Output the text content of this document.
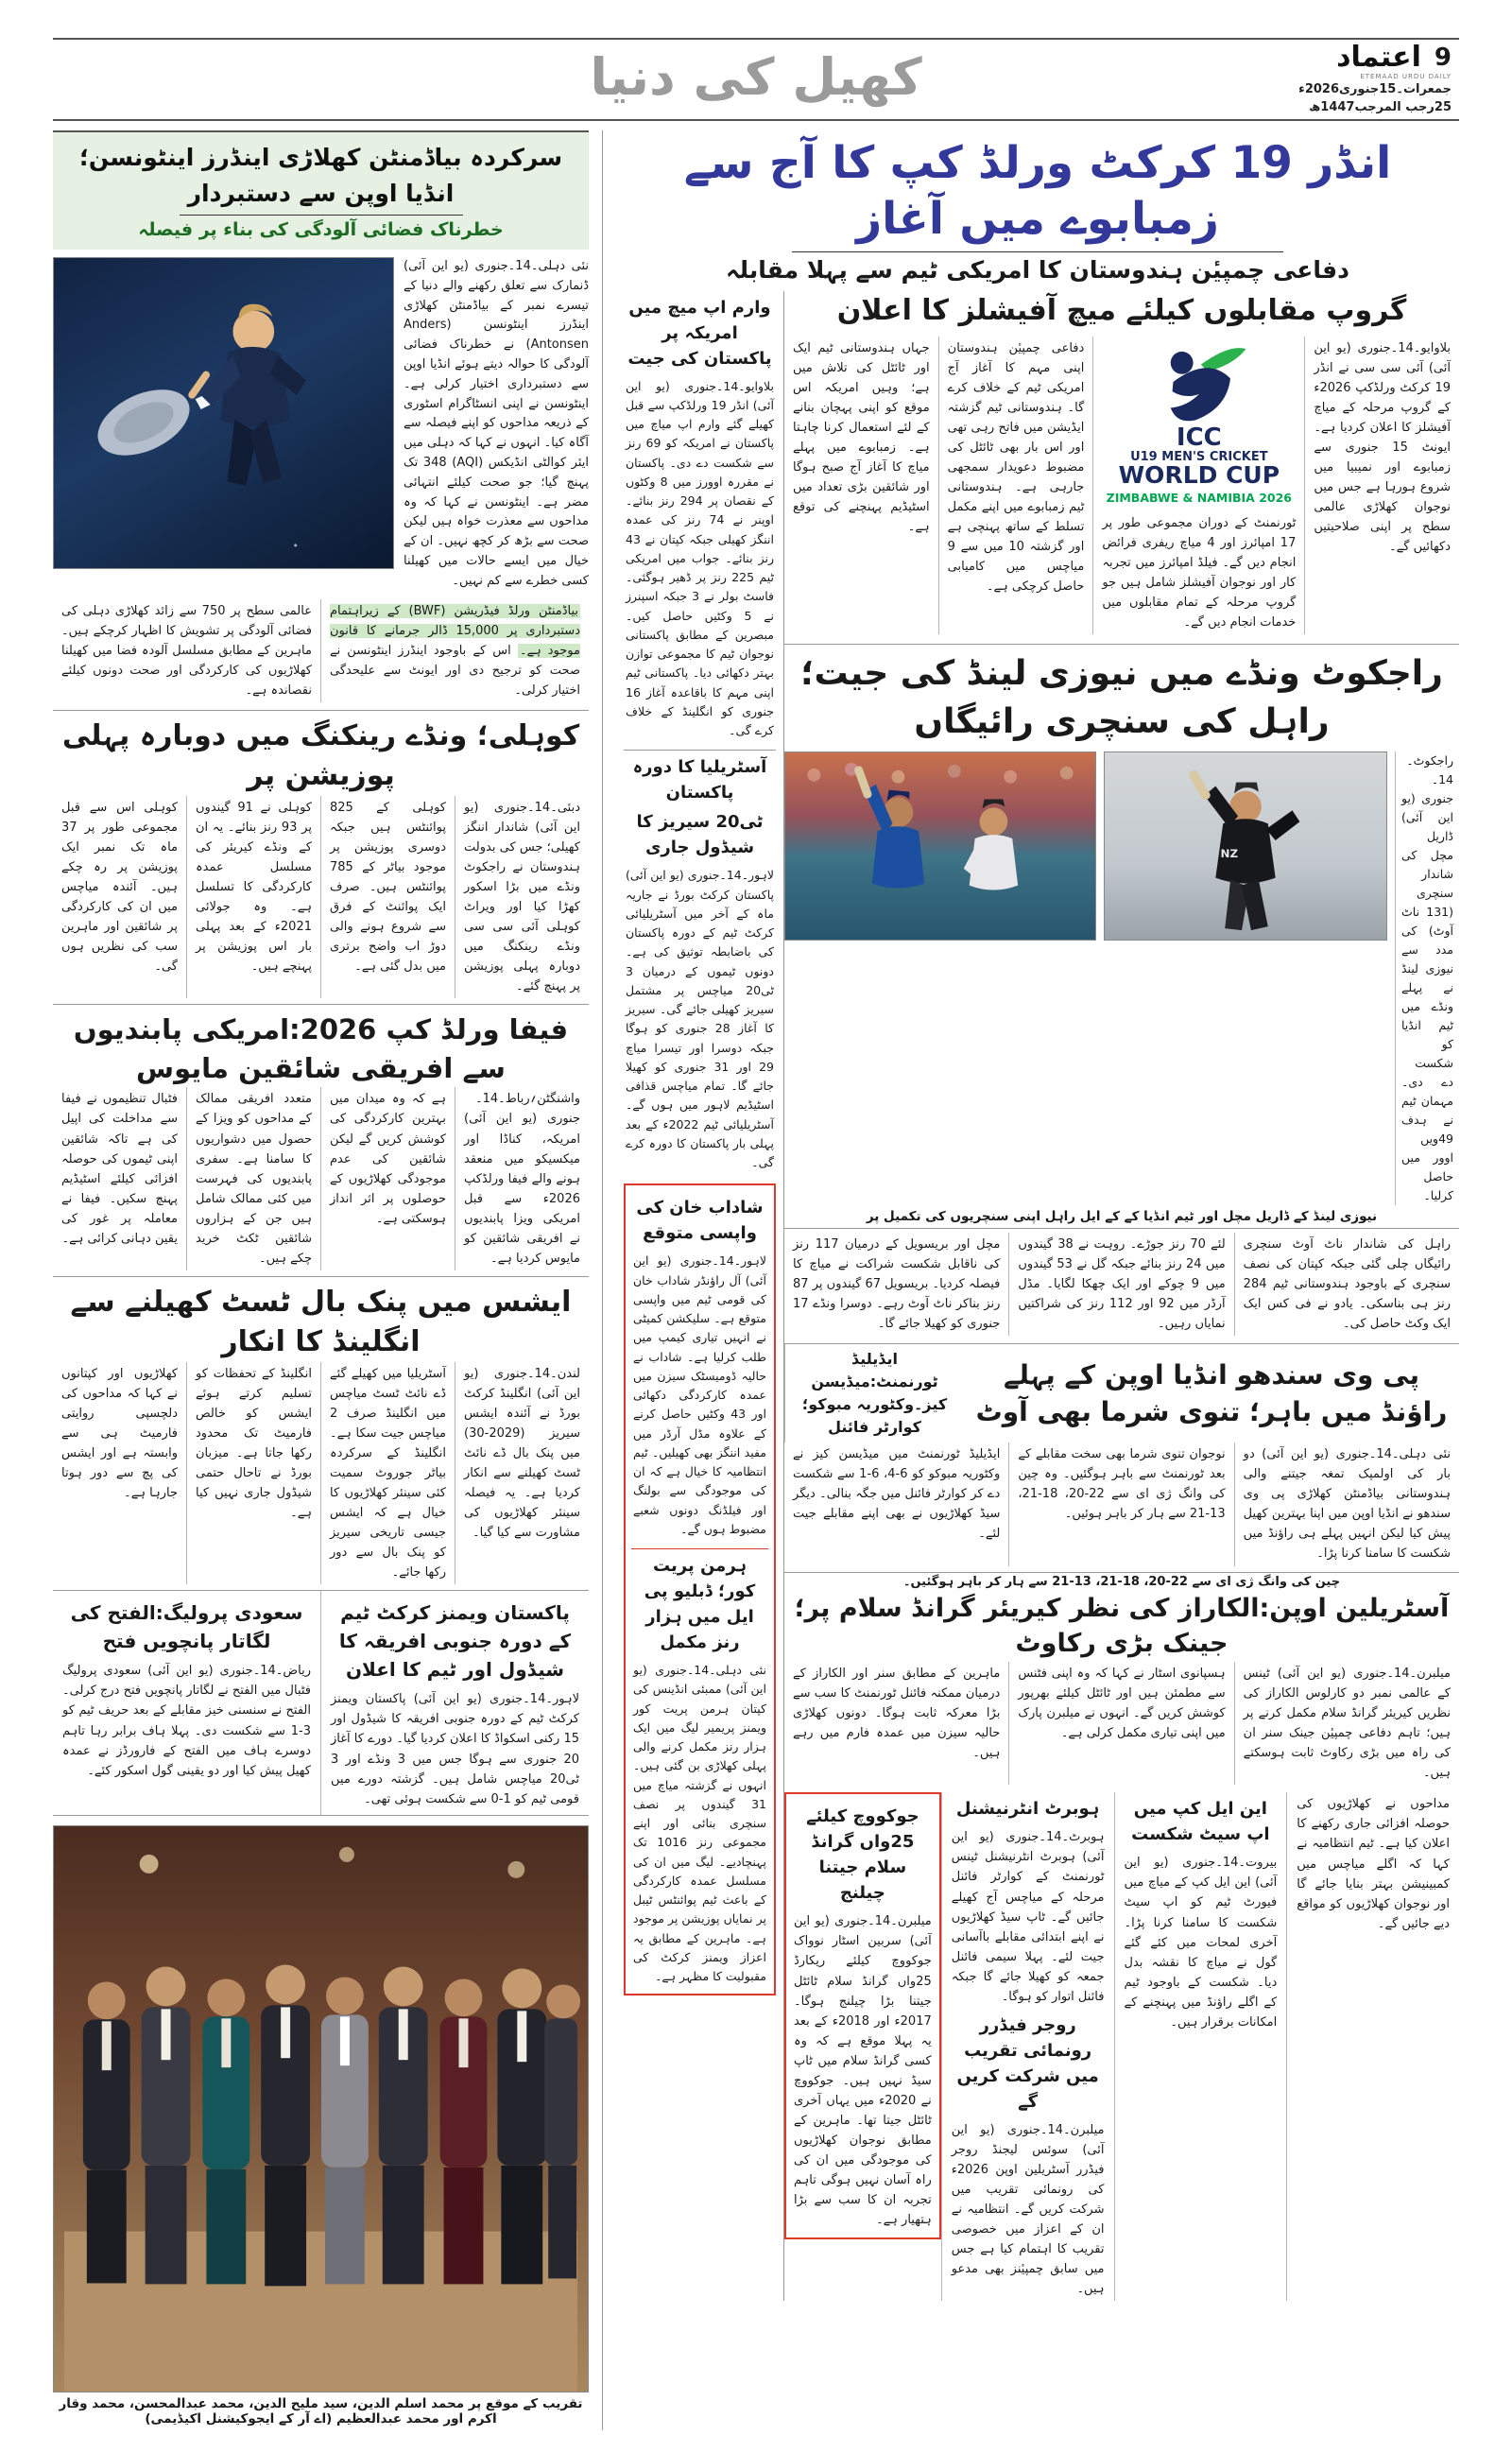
9
اعتماد
ETEMAAD URDU DAILY
جمعرات۔15جنوری2026ء
25رجب المرجب1447ھ
کھیل کی دنیا
سرکردہ بیاڈمنٹن کھلاڑی اینڈرز اینٹونسن؛ انڈیا اوپن سے دستبردار
خطرناک فضائی آلودگی کی بناء پر فیصلہ
نئی دہلی۔14۔جنوری (یو این آئی) ڈنمارک سے تعلق رکھنے والے دنیا کے تیسرے نمبر کے بیاڈمنٹن کھلاڑی اینڈرز اینٹونسن (Anders Antonsen) نے خطرناک فضائی آلودگی کا حوالہ دیتے ہوئے انڈیا اوپن سے دستبرداری اختیار کرلی ہے۔ اینٹونسن نے اپنی انسٹاگرام اسٹوری کے ذریعہ مداحوں کو اپنے فیصلہ سے آگاہ کیا۔ انہوں نے کہا کہ دہلی میں ایئر کوالٹی انڈیکس (AQI) 348 تک پہنچ گیا؛ جو صحت کیلئے انتہائی مضر ہے۔ اینٹونسن نے کہا کہ وہ مداحوں سے معذرت خواہ ہیں لیکن صحت سے بڑھ کر کچھ نہیں۔ ان کے خیال میں ایسے حالات میں کھیلنا کسی خطرے سے کم نہیں۔
•
بیاڈمنٹن ورلڈ فیڈریشن (BWF) کے زیراہتمام دستبرداری پر 15,000 ڈالر جرمانے کا قانون موجود ہے۔ اس کے باوجود اینڈرز اینٹونسن نے صحت کو ترجیح دی اور ایونٹ سے علیحدگی اختیار کرلی۔
عالمی سطح پر 750 سے زائد کھلاڑی دہلی کی فضائی آلودگی پر تشویش کا اظہار کرچکے ہیں۔ ماہرین کے مطابق مسلسل آلودہ فضا میں کھیلنا کھلاڑیوں کی کارکردگی اور صحت دونوں کیلئے نقصاندہ ہے۔
کوہلی؛ ونڈے رینکنگ میں دوبارہ پہلی پوزیشن پر
دبئی۔14۔جنوری (یو این آئی) شاندار اننگز کھیلی؛ جس کی بدولت ہندوستان نے راجکوٹ ونڈے میں بڑا اسکور کھڑا کیا اور ویراٹ کوہلی آئی سی سی ونڈے رینکنگ میں دوبارہ پہلی پوزیشن پر پہنچ گئے۔
کوہلی کے 825 پوائنٹس ہیں جبکہ دوسری پوزیشن پر موجود بیاٹر کے 785 پوائنٹس ہیں۔ صرف ایک پوائنٹ کے فرق سے شروع ہونے والی دوڑ اب واضح برتری میں بدل گئی ہے۔
کوہلی نے 91 گیندوں پر 93 رنز بنائے۔ یہ ان کے ونڈے کیریئر کی مسلسل عمدہ کارکردگی کا تسلسل ہے۔ وہ جولائی 2021ء کے بعد پہلی بار اس پوزیشن پر پہنچے ہیں۔
کوہلی اس سے قبل مجموعی طور پر 37 ماہ تک نمبر ایک پوزیشن پر رہ چکے ہیں۔ آئندہ میاچس میں ان کی کارکردگی پر شائقین اور ماہرین سب کی نظریں ہوں گی۔
فیفا ورلڈ کپ 2026:امریکی پابندیوں سے افریقی شائقین مایوس
واشنگٹن؍رباط۔14۔جنوری (یو این آئی) امریکہ، کناڈا اور میکسیکو میں منعقد ہونے والے فیفا ورلڈکپ 2026ء سے قبل امریکی ویزا پابندیوں نے افریقی شائقین کو مایوس کردیا ہے۔
ہے کہ وہ میدان میں بہترین کارکردگی کی کوشش کریں گے لیکن شائقین کی عدم موجودگی کھلاڑیوں کے حوصلوں پر اثر انداز ہوسکتی ہے۔
متعدد افریقی ممالک کے مداحوں کو ویزا کے حصول میں دشواریوں کا سامنا ہے۔ سفری پابندیوں کی فہرست میں کئی ممالک شامل ہیں جن کے ہزاروں شائقین ٹکٹ خرید چکے ہیں۔
فٹبال تنظیموں نے فیفا سے مداخلت کی اپیل کی ہے تاکہ شائقین اپنی ٹیموں کی حوصلہ افزائی کیلئے اسٹیڈیم پہنچ سکیں۔ فیفا نے معاملہ پر غور کی یقین دہانی کرائی ہے۔
ایشس میں پنک بال ٹسٹ کھیلنے سے انگلینڈ کا انکار
لندن۔14۔جنوری (یو این آئی) انگلینڈ کرکٹ بورڈ نے آئندہ ایشس سیریز (2029-30) میں پنک بال ڈے نائٹ ٹسٹ کھیلنے سے انکار کردیا ہے۔ یہ فیصلہ سینئر کھلاڑیوں کی مشاورت سے کیا گیا۔
آسٹریلیا میں کھیلے گئے ڈے نائٹ ٹسٹ میاچس میں انگلینڈ صرف 2 میاچس جیت سکا ہے۔ انگلینڈ کے سرکردہ بیاٹر جوروٹ سمیت کئی سینئر کھلاڑیوں کا خیال ہے کہ ایشس جیسی تاریخی سیریز کو پنک بال سے دور رکھا جائے۔
انگلینڈ کے تحفظات کو تسلیم کرتے ہوئے ایشس کو خالص فارمیٹ تک محدود رکھا جاتا ہے۔ میزبان بورڈ نے تاحال حتمی شیڈول جاری نہیں کیا ہے۔
کھلاڑیوں اور کپتانوں نے کہا کہ مداحوں کی دلچسپی روایتی فارمیٹ ہی سے وابستہ ہے اور ایشس کی پچ سے دور ہوتا جارہا ہے۔
پاکستان ویمنز کرکٹ ٹیم کے دورہ جنوبی افریقہ کا شیڈول اور ٹیم کا اعلان
لاہور۔14۔جنوری (یو این آئی) پاکستان ویمنز کرکٹ ٹیم کے دورہ جنوبی افریقہ کا شیڈول اور 15 رکنی اسکواڈ کا اعلان کردیا گیا۔ دورے کا آغاز 20 جنوری سے ہوگا جس میں 3 ونڈے اور 3 ٹی20 میاچس شامل ہیں۔ گزشتہ دورے میں قومی ٹیم کو 1-0 سے شکست ہوئی تھی۔
سعودی پرولیگ:الفتح کی لگاتار پانچویں فتح
ریاض۔14۔جنوری (یو این آئی) سعودی پرولیگ فٹبال میں الفتح نے لگاتار پانچویں فتح درج کرلی۔ الفتح نے سنسنی خیز مقابلے کے بعد حریف ٹیم کو 3-1 سے شکست دی۔ پہلا ہاف برابر رہا تاہم دوسرے ہاف میں الفتح کے فارورڈز نے عمدہ کھیل پیش کیا اور دو یقینی گول اسکور کئے۔
تقریب کے موقع پر محمد اسلم الدین، سید ملیح الدین، محمد عبدالمحسن، محمد وقار اکرم اور محمد عبدالعظیم (اے آر کے ایجوکیشنل اکیڈیمی)
انڈر 19 کرکٹ ورلڈ کپ کا آج سے زمبابوے میں آغاز
دفاعی چمپیٔن ہندوستان کا امریکی ٹیم سے پہلا مقابلہ
گروپ مقابلوں کیلئے میچ آفیشلز کا اعلان
بلاوایو۔14۔جنوری (یو این آئی) آئی سی سی نے انڈر 19 کرکٹ ورلڈکپ 2026ء کے گروپ مرحلہ کے میاچ آفیشلز کا اعلان کردیا ہے۔ ایونٹ 15 جنوری سے زمبابوے اور نمیبیا میں شروع ہورہا ہے جس میں نوجوان کھلاڑی عالمی سطح پر اپنی صلاحیتیں دکھائیں گے۔
ICC
U19 MEN'S CRICKET
WORLD CUP
ZIMBABWE & NAMIBIA 2026
ٹورنمنٹ کے دوران مجموعی طور پر 17 امپائرز اور 4 میاچ ریفری فرائض انجام دیں گے۔ فیلڈ امپائرز میں تجربہ کار اور نوجوان آفیشلز شامل ہیں جو گروپ مرحلہ کے تمام مقابلوں میں خدمات انجام دیں گے۔
دفاعی چمپیٔن ہندوستان اپنی مہم کا آغاز آج امریکی ٹیم کے خلاف کرے گا۔ ہندوستانی ٹیم گزشتہ ایڈیشن میں فاتح رہی تھی اور اس بار بھی ٹائٹل کی مضبوط دعویدار سمجھی جارہی ہے۔ ہندوستانی ٹیم زمبابوے میں اپنے مکمل تسلط کے ساتھ پہنچی ہے اور گزشتہ 10 میں سے 9 میاچس میں کامیابی حاصل کرچکی ہے۔
جہاں ہندوستانی ٹیم ایک اور ٹائٹل کی تلاش میں ہے؛ وہیں امریکہ اس موقع کو اپنی پہچان بنانے کے لئے استعمال کرنا چاہتا ہے۔ زمبابوے میں پہلے میاچ کا آغاز آج صبح ہوگا اور شائقین بڑی تعداد میں اسٹیڈیم پہنچنے کی توقع ہے۔
راجکوٹ ونڈے میں نیوزی لینڈ کی جیت؛ راہل کی سنچری رائیگاں
راجکوٹ۔14۔جنوری (یو این آئی) ڈاریل مچل کی شاندار سنچری (131 ناٹ آوٹ) کی مدد سے نیوزی لینڈ نے پہلے ونڈے میں ٹیم انڈیا کو شکست دے دی۔ مہمان ٹیم نے ہدف 49ویں اوور میں حاصل کرلیا۔
NZ
نیوزی لینڈ کے ڈاریل مچل اور ٹیم انڈیا کے کے ایل راہل اپنی سنچریوں کی تکمیل پر
راہل کی شاندار ناٹ آوٹ سنچری رائیگاں چلی گئی جبکہ کپتان کی نصف سنچری کے باوجود ہندوستانی ٹیم 284 رنز ہی بناسکی۔ یادو نے فی کس ایک ایک وکٹ حاصل کی۔
لئے 70 رنز جوڑے۔ روہت نے 38 گیندوں میں 24 رنز بنائے جبکہ گل نے 53 گیندوں میں 9 چوکے اور ایک چھکا لگایا۔ مڈل آرڈر میں 92 اور 112 رنز کی شراکتیں نمایاں رہیں۔
مچل اور بریسویل کے درمیان 117 رنز کی ناقابل شکست شراکت نے میاچ کا فیصلہ کردیا۔ بریسویل 67 گیندوں پر 87 رنز بناکر ناٹ آوٹ رہے۔ دوسرا ونڈے 17 جنوری کو کھیلا جائے گا۔
پی وی سندھو انڈیا اوپن کے پہلے راؤنڈ میں باہر؛ تنوی شرما بھی آوٹ
ایڈیلیڈ ٹورنمنٹ:میڈیسن
کیز۔وکٹوریہ مبوکو؛ کوارٹر فائنل
نئی دہلی۔14۔جنوری (یو این آئی) دو بار کی اولمپک تمغہ جیتنے والی ہندوستانی بیاڈمنٹن کھلاڑی پی وی سندھو نے انڈیا اوپن میں اپنا بہترین کھیل پیش کیا لیکن انہیں پہلے ہی راؤنڈ میں شکست کا سامنا کرنا پڑا۔
نوجوان تنوی شرما بھی سخت مقابلے کے بعد ٹورنمنٹ سے باہر ہوگئیں۔ وہ چین کی وانگ ژی ای سے 22-20، 18-21، 13-21 سے ہار کر باہر ہوئیں۔
ایڈیلیڈ ٹورنمنٹ میں میڈیسن کیز نے وکٹوریہ مبوکو کو 6-4، 6-1 سے شکست دے کر کوارٹر فائنل میں جگہ بنالی۔ دیگر سیڈ کھلاڑیوں نے بھی اپنے مقابلے جیت لئے۔
چین کی وانگ ژی ای سے 22-20، 18-21، 13-21 سے ہار کر باہر ہوگئیں۔
آسٹریلین اوپن:الکاراز کی نظر کیریئر گرانڈ سلام پر؛ جینک بڑی رکاوٹ
میلبرن۔14۔جنوری (یو این آئی) ٹینس کے عالمی نمبر دو کارلوس الکاراز کی نظریں کیریئر گرانڈ سلام مکمل کرنے پر ہیں؛ تاہم دفاعی چمپیٔن جینک سنر ان کی راہ میں بڑی رکاوٹ ثابت ہوسکتے ہیں۔
ہسپانوی اسٹار نے کہا کہ وہ اپنی فٹنس سے مطمئن ہیں اور ٹائٹل کیلئے بھرپور کوشش کریں گے۔ انہوں نے میلبرن پارک میں اپنی تیاری مکمل کرلی ہے۔
ماہرین کے مطابق سنر اور الکاراز کے درمیان ممکنہ فائنل ٹورنمنٹ کا سب سے بڑا معرکہ ثابت ہوگا۔ دونوں کھلاڑی حالیہ سیزن میں عمدہ فارم میں رہے ہیں۔
مداحوں نے کھلاڑیوں کی حوصلہ افزائی جاری رکھنے کا اعلان کیا ہے۔ ٹیم انتظامیہ نے کہا کہ اگلے میاچس میں کمبینیشن بہتر بنایا جائے گا اور نوجوان کھلاڑیوں کو مواقع دیے جائیں گے۔
این ایل کپ میں اپ سیٹ شکست
بیروت۔14۔جنوری (یو این آئی) این ایل کپ کے میاچ میں فیورٹ ٹیم کو اپ سیٹ شکست کا سامنا کرنا پڑا۔ آخری لمحات میں کئے گئے گول نے میاچ کا نقشہ بدل دیا۔ شکست کے باوجود ٹیم کے اگلے راؤنڈ میں پہنچنے کے امکانات برقرار ہیں۔
ہوبرٹ انٹرنیشنل
ہوبرٹ۔14۔جنوری (یو این آئی) ہوبرٹ انٹرنیشنل ٹینس ٹورنمنٹ کے کوارٹر فائنل مرحلہ کے میاچس آج کھیلے جائیں گے۔ ٹاپ سیڈ کھلاڑیوں نے اپنے ابتدائی مقابلے باآسانی جیت لئے۔ پہلا سیمی فائنل جمعہ کو کھیلا جائے گا جبکہ فائنل اتوار کو ہوگا۔
روجر فیڈرر رونمائی تقریب میں شرکت کریں گے
میلبرن۔14۔جنوری (یو این آئی) سوئس لیجنڈ روجر فیڈرر آسٹریلین اوپن 2026ء کی رونمائی تقریب میں شرکت کریں گے۔ انتظامیہ نے ان کے اعزاز میں خصوصی تقریب کا اہتمام کیا ہے جس میں سابق چمپیٔنز بھی مدعو ہیں۔
جوکووچ کیلئے 25واں گرانڈ سلام جیتنا چیلنج
میلبرن۔14۔جنوری (یو این آئی) سربین اسٹار نوواک جوکووچ کیلئے ریکارڈ 25واں گرانڈ سلام ٹائٹل جیتنا بڑا چیلنج ہوگا۔ 2017ء اور 2018ء کے بعد یہ پہلا موقع ہے کہ وہ کسی گرانڈ سلام میں ٹاپ سیڈ نہیں ہیں۔ جوکووچ نے 2020ء میں یہاں آخری ٹائٹل جیتا تھا۔ ماہرین کے مطابق نوجوان کھلاڑیوں کی موجودگی میں ان کی راہ آسان نہیں ہوگی تاہم تجربہ ان کا سب سے بڑا ہتھیار ہے۔
وارم اپ میچ میں امریکہ پر پاکستان کی جیت
بلاوایو۔14۔جنوری (یو این آئی) انڈر 19 ورلڈکپ سے قبل کھیلے گئے وارم اپ میاچ میں پاکستان نے امریکہ کو 69 رنز سے شکست دے دی۔ پاکستان نے مقررہ اوورز میں 8 وکٹوں کے نقصان پر 294 رنز بنائے۔ اوپنر نے 74 رنز کی عمدہ اننگز کھیلی جبکہ کپتان نے 43 رنز بنائے۔ جواب میں امریکی ٹیم 225 رنز پر ڈھیر ہوگئی۔ فاسٹ بولر نے 3 جبکہ اسپنرز نے 5 وکٹیں حاصل کیں۔ مبصرین کے مطابق پاکستانی نوجوان ٹیم کا مجموعی توازن بہتر دکھائی دیا۔ پاکستانی ٹیم اپنی مہم کا باقاعدہ آغاز 16 جنوری کو انگلینڈ کے خلاف کرے گی۔
آسٹریلیا کا دورہ پاکستان
ٹی20 سیریز کا شیڈول جاری
لاہور۔14۔جنوری (یو این آئی) پاکستان کرکٹ بورڈ نے جاریہ ماہ کے آخر میں آسٹریلیائی کرکٹ ٹیم کے دورہ پاکستان کی باضابطہ توثیق کی ہے۔ دونوں ٹیموں کے درمیان 3 ٹی20 میاچس پر مشتمل سیریز کھیلی جائے گی۔ سیریز کا آغاز 28 جنوری کو ہوگا جبکہ دوسرا اور تیسرا میاچ 29 اور 31 جنوری کو کھیلا جائے گا۔ تمام میاچس قذافی اسٹیڈیم لاہور میں ہوں گے۔ آسٹریلیائی ٹیم 2022ء کے بعد پہلی بار پاکستان کا دورہ کرے گی۔
شاداب خان کی واپسی متوقع
لاہور۔14۔جنوری (یو این آئی) آل راؤنڈر شاداب خان کی قومی ٹیم میں واپسی متوقع ہے۔ سلیکشن کمیٹی نے انہیں تیاری کیمپ میں طلب کرلیا ہے۔ شاداب نے حالیہ ڈومیسٹک سیزن میں عمدہ کارکردگی دکھائی اور 43 وکٹیں حاصل کرنے کے علاوہ مڈل آرڈر میں مفید اننگز بھی کھیلیں۔ ٹیم انتظامیہ کا خیال ہے کہ ان کی موجودگی سے بولنگ اور فیلڈنگ دونوں شعبے مضبوط ہوں گے۔
ہرمن پریت کور؛ ڈبلیو پی ایل میں ہزار رنز مکمل
نئی دہلی۔14۔جنوری (یو این آئی) ممبئی انڈینس کی کپتان ہرمن پریت کور ویمنز پریمیر لیگ میں ایک ہزار رنز مکمل کرنے والی پہلی کھلاڑی بن گئی ہیں۔ انہوں نے گزشتہ میاچ میں 31 گیندوں پر نصف سنچری بنائی اور اپنے مجموعی رنز 1016 تک پہنچادیے۔ لیگ میں ان کی مسلسل عمدہ کارکردگی کے باعث ٹیم پوائنٹس ٹیبل پر نمایاں پوزیشن پر موجود ہے۔ ماہرین کے مطابق یہ اعزاز ویمنز کرکٹ کی مقبولیت کا مظہر ہے۔
